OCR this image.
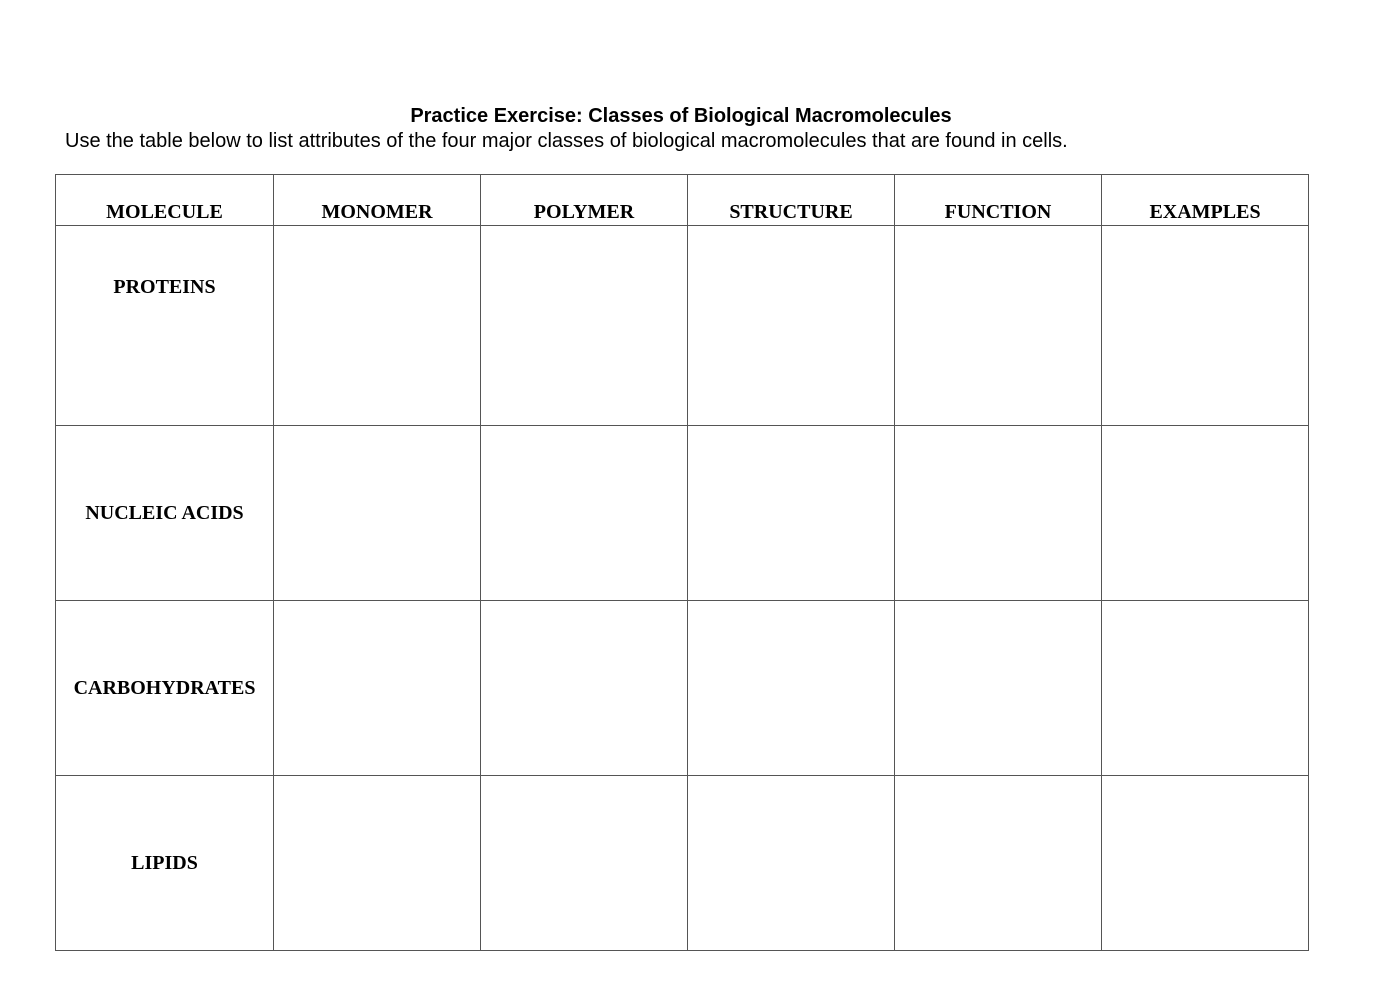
Practice Exercise: Classes of Biological Macromolecules

Use the table below to list attributes of the four major classes of biological macromolecules that are found in cells.

MOLECULE	MONOMER	POLYMER	STRUCTURE	FUNCTION	EXAMPLES
PROTEINS					
NUCLEIC ACIDS					
CARBOHYDRATES					
LIPIDS					
